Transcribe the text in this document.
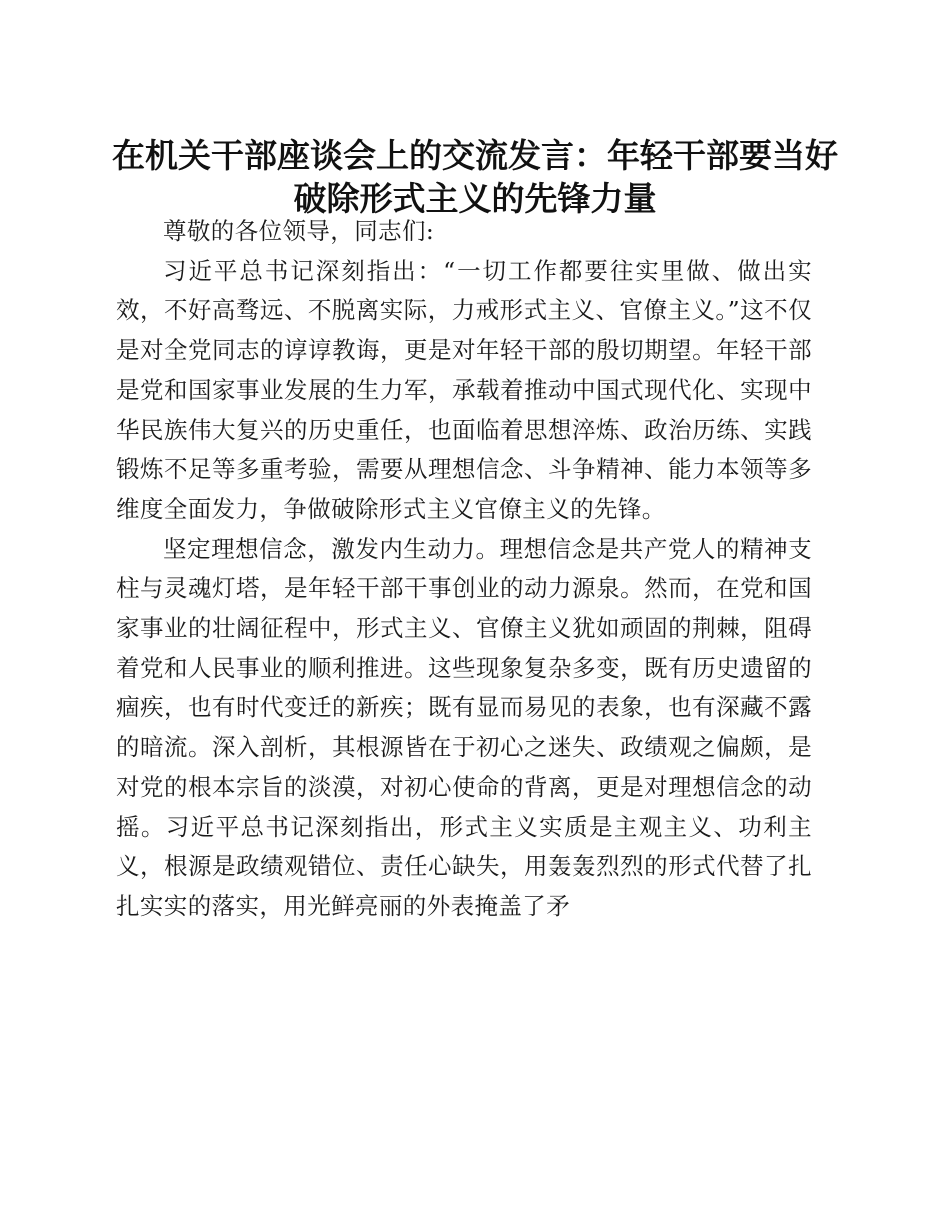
在机关干部座谈会上的交流发言：年轻干部要当好破除形式主义的先锋力量

尊敬的各位领导，同志们:

习近平总书记深刻指出：“一切工作都要往实里做、做出实效，不好高骛远、不脱离实际，力戒形式主义、官僚主义。”这不仅是对全党同志的谆谆教诲，更是对年轻干部的殷切期望。年轻干部是党和国家事业发展的生力军，承载着推动中国式现代化、实现中华民族伟大复兴的历史重任，也面临着思想淬炼、政治历练、实践锻炼不足等多重考验，需要从理想信念、斗争精神、能力本领等多维度全面发力，争做破除形式主义官僚主义的先锋。

坚定理想信念，激发内生动力。理想信念是共产党人的精神支柱与灵魂灯塔，是年轻干部干事创业的动力源泉。然而，在党和国家事业的壮阔征程中，形式主义、官僚主义犹如顽固的荆棘，阻碍着党和人民事业的顺利推进。这些现象复杂多变，既有历史遗留的痼疾，也有时代变迁的新疾；既有显而易见的表象，也有深藏不露的暗流。深入剖析，其根源皆在于初心之迷失、政绩观之偏颇，是对党的根本宗旨的淡漠，对初心使命的背离，更是对理想信念的动摇。习近平总书记深刻指出，形式主义实质是主观主义、功利主义，根源是政绩观错位、责任心缺失，用轰轰烈烈的形式代替了扎扎实实的落实，用光鲜亮丽的外表掩盖了矛
